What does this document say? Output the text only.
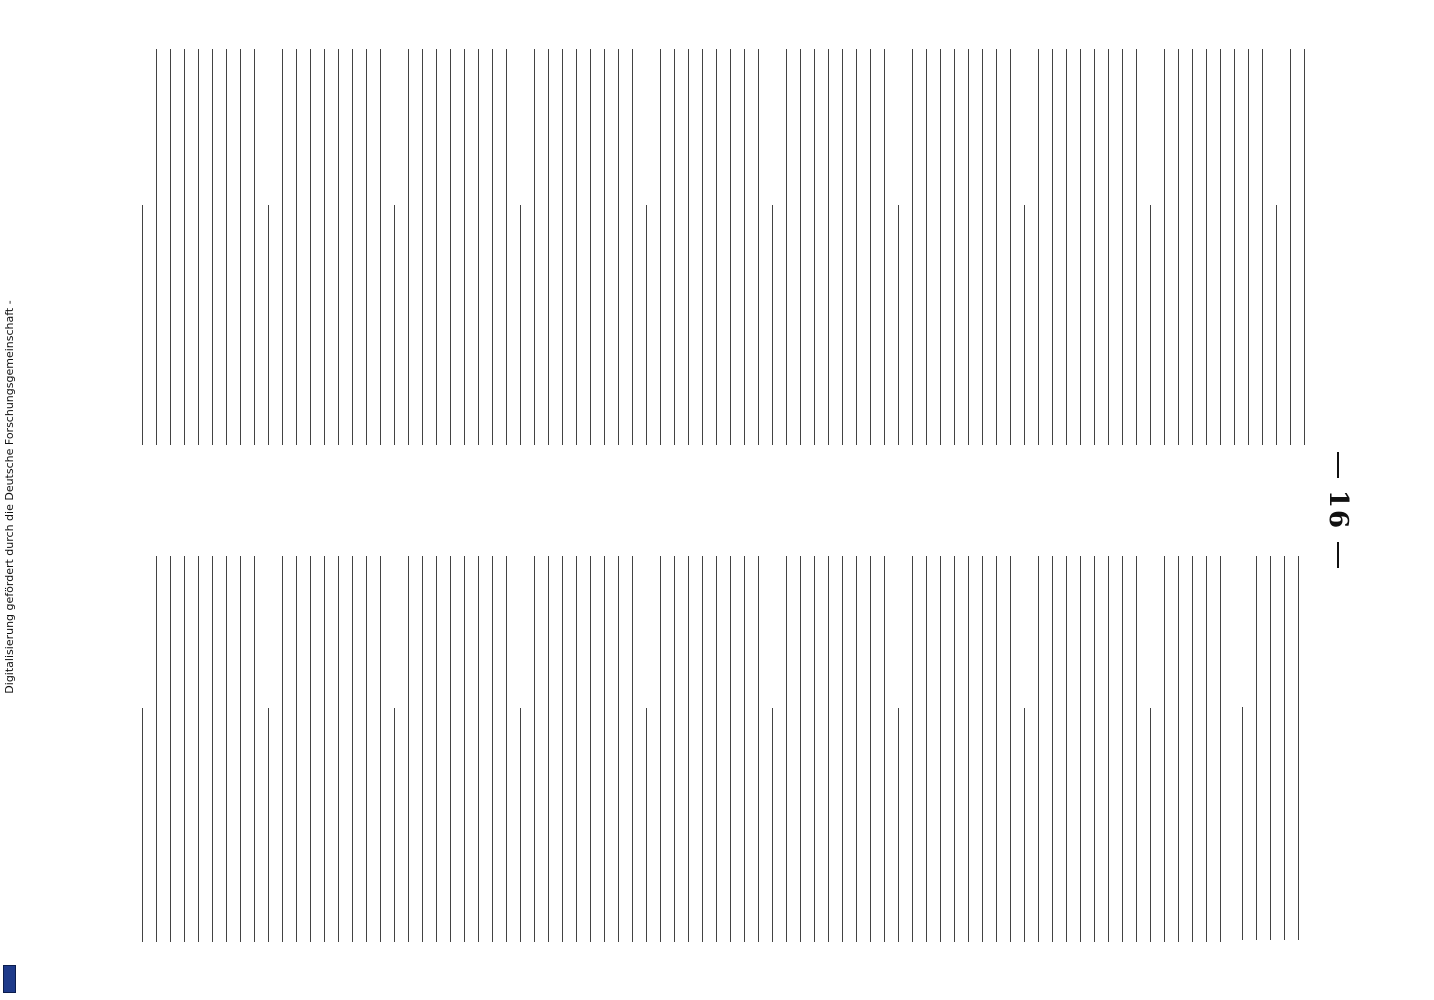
16
Digitalisierung gefördert durch die Deutsche Forschungsgemeinschaft -
